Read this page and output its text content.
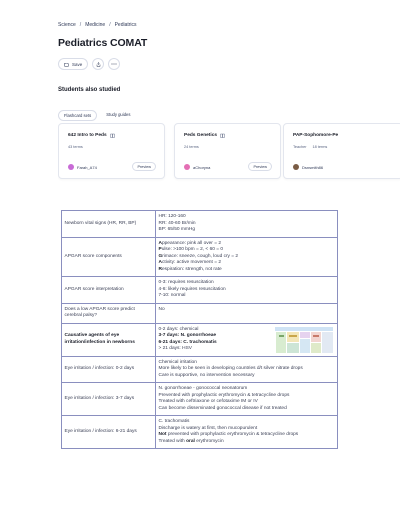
Science / Medicine / Pediatrics
Pediatrics COMAT
Save
Students also studied
Flashcard sets	Study guides
642 Intro to Peds
43 terms
Farah_A74	Preview
Peds Genetics
24 terms
aChoryna	Preview
PAP-Sophomore-Pe
Teacher 18 terms
Dsnsmith86
Newborn vital signs (HR, RR, BP)	HR: 120-160
RR: 40-60 Br/min
BP: 65/50 mmHg

APGAR score components	Appearance: pink all over = 2
Pulse: >100 bpm = 2, < 60 = 0
Grimace: sneeze, cough, loud cry = 2
Activity: active movement = 2
Respiration: strength, not rate

APGAR score interpretation	0-3: requires resuscitation
4-6: likely requires resuscitation
7-10: normal

Does a low APGAR score predict cerebral palsy?	No

Causative agents of eye irritation/infection in newborns	0-2 days: chemical
3-7 days: N. gonorrhoeae
6-21 days: C. trachomatis
> 21 days: HSV

Eye irritation / infection: 0-2 days	Chemical irritation
More likely to be seen in developing countries d/t silver nitrate drops
Care is supportive, no intervention necessary

Eye irritation / infection: 3-7 days	N. gonorrhoeae - gonococcal neonatorum
Prevented with prophylactic erythromycin & tetracycline drops
Treated with ceftriaxone or cefotaxime IM or IV
Can become disseminated gonococcal disease if not treated

Eye irritation / infection: 6-21 days	C. trachomatis
Discharge is watery at first, then mucopurulent
Not prevented with prophylactic erythromycin & tetracycline drops
Treated with oral erythromycin
